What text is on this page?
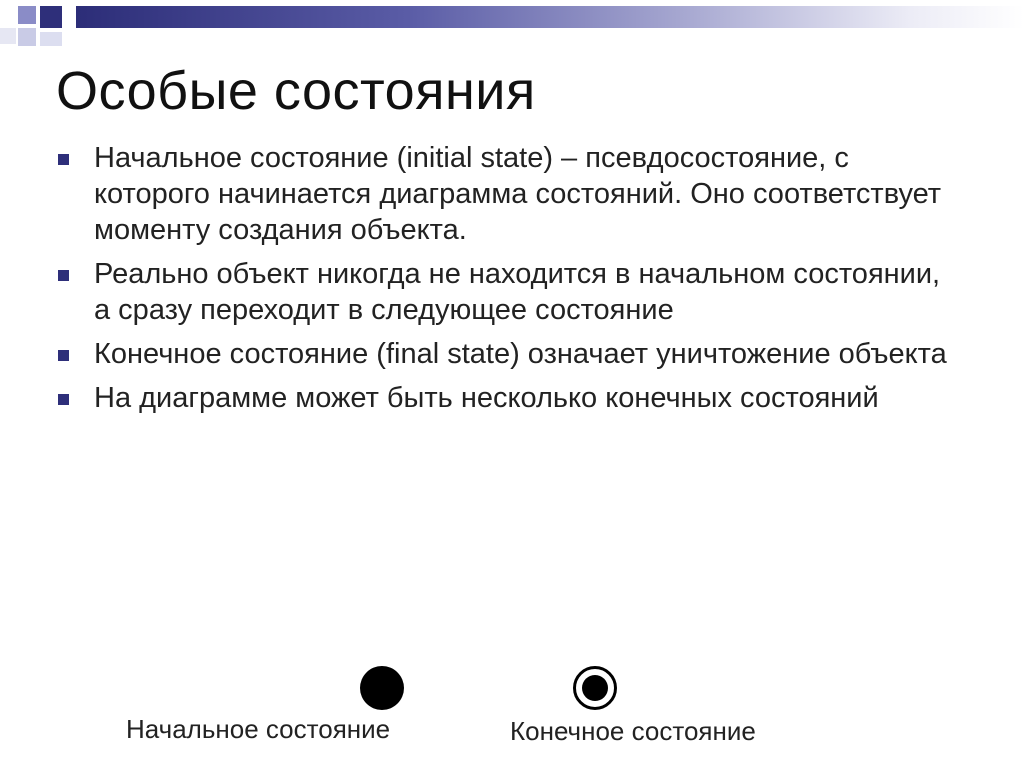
Особые состояния
Начальное состояние (initial state) – псевдосостояние, с которого начинается диаграмма состояний. Оно соответствует моменту создания объекта.
Реально объект никогда не находится в начальном состоянии, а сразу переходит в следующее состояние
Конечное состояние (final state) означает уничтожение объекта
На диаграмме может быть несколько конечных состояний
Начальное состояние	Конечное состояние
